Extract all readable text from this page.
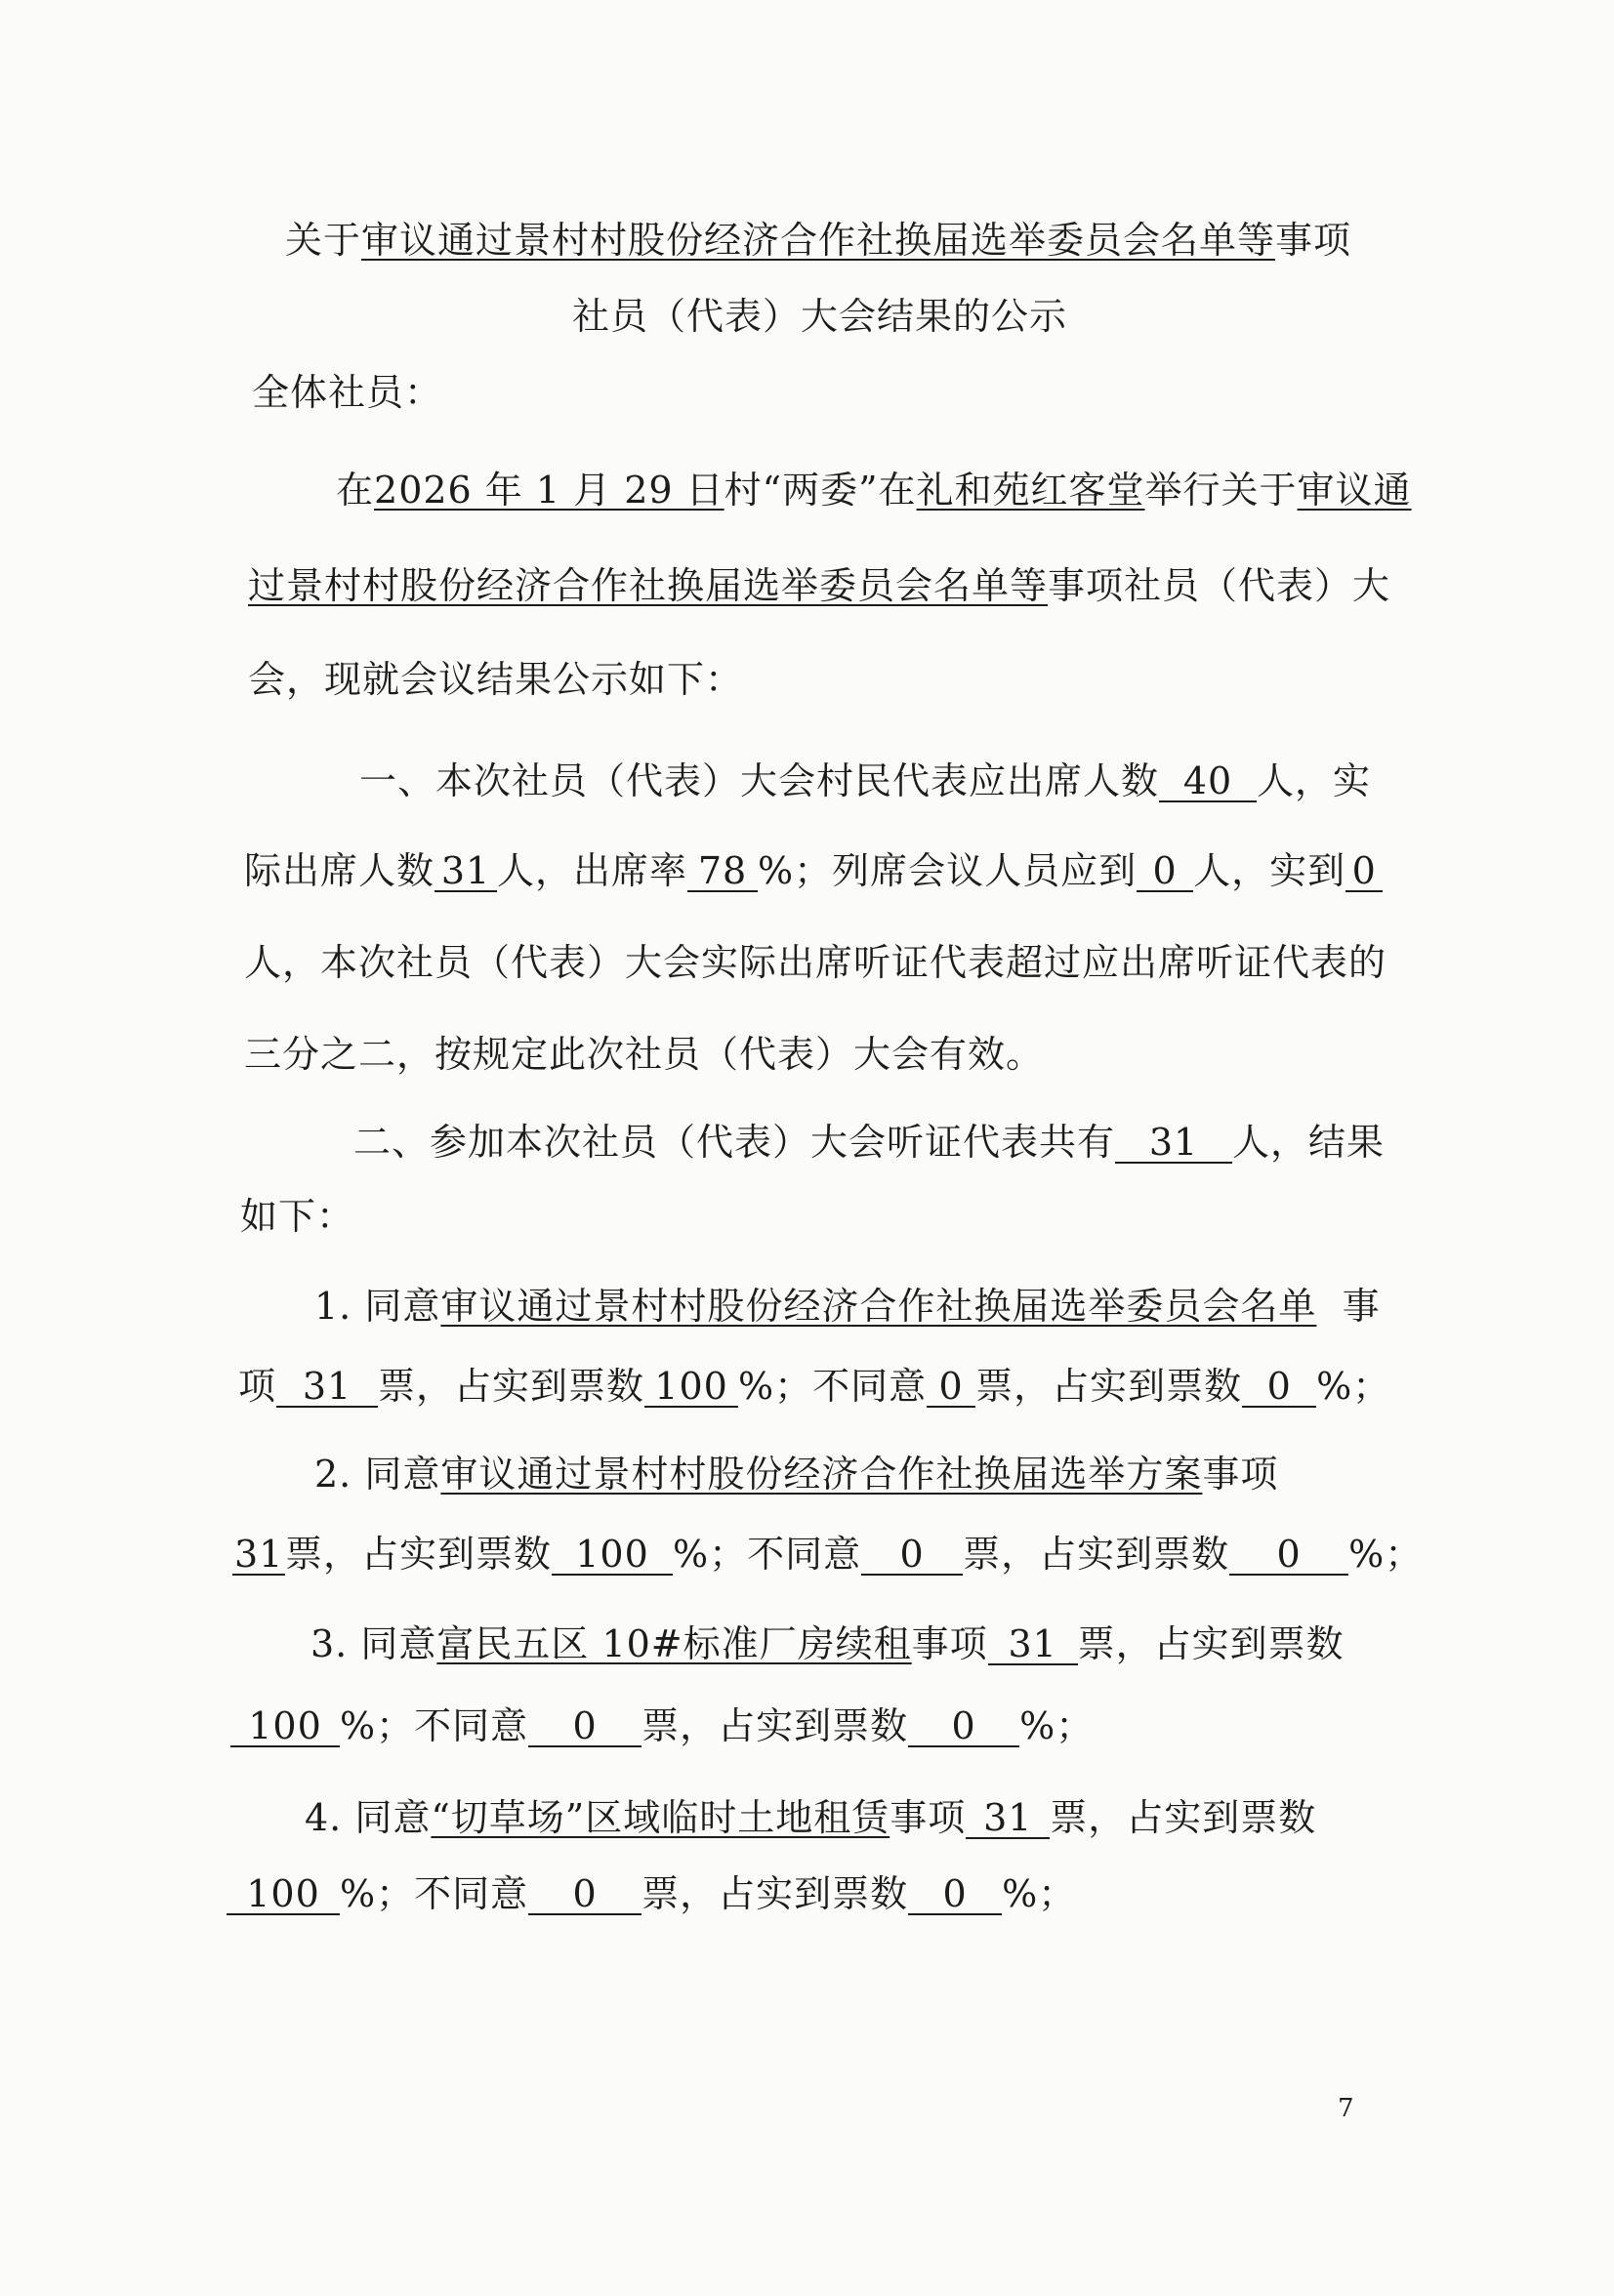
关于审议通过景村村股份经济合作社换届选举委员会名单等事项
社员（代表）大会结果的公示
全体社员：
在2026 年 1 月 29 日村“两委”在礼和苑红客堂举行关于审议通
过景村村股份经济合作社换届选举委员会名单等事项社员（代表）大
会，现就会议结果公示如下：
一、本次社员（代表）大会村民代表应出席人数 40 人，实
际出席人数 31 人，出席率 78 %；列席会议人员应到 0 人，实到 0
人，本次社员（代表）大会实际出席听证代表超过应出席听证代表的
三分之二，按规定此次社员（代表）大会有效。
二、参加本次社员（代表）大会听证代表共有 31 人，结果
如下：
1. 同意审议通过景村村股份经济合作社换届选举委员会名单 事
项 31 票，占实到票数 100 %；不同意 0 票，占实到票数 0 %；
2. 同意审议通过景村村股份经济合作社换届选举方案事项
31票，占实到票数 100 %；不同意 0 票，占实到票数 0 %；
3. 同意富民五区 10#标准厂房续租事项 31 票，占实到票数
100 %；不同意 0 票，占实到票数 0 %；
4. 同意“切草场”区域临时土地租赁事项 31 票，占实到票数
100 %；不同意 0 票，占实到票数 0 %；
7
